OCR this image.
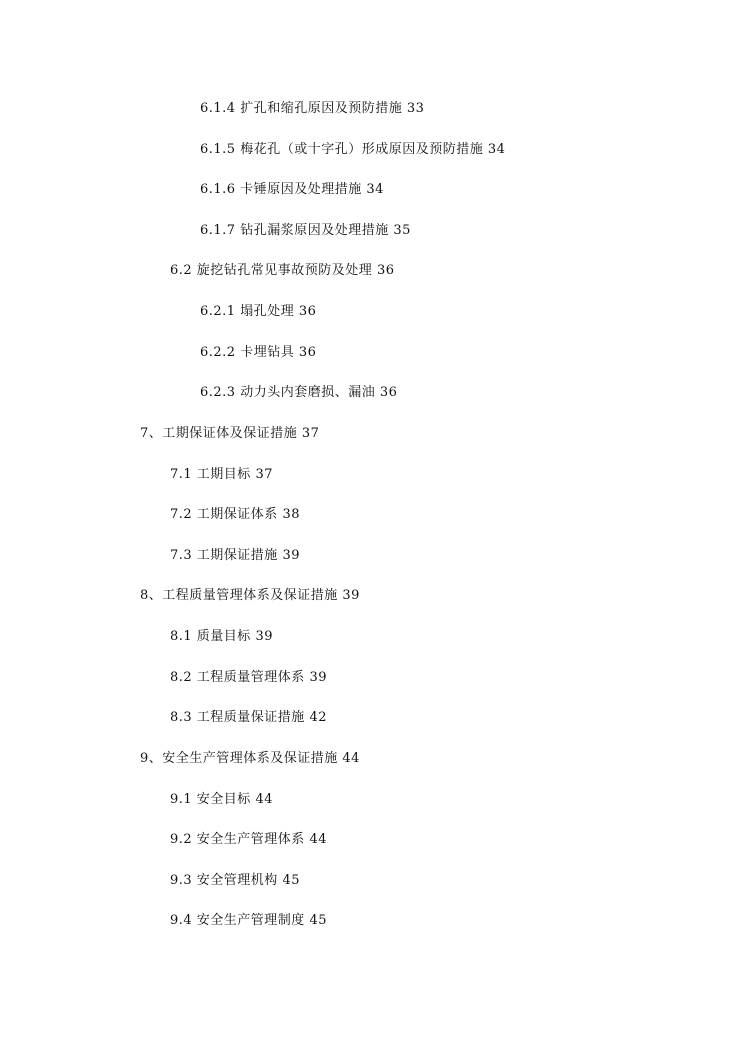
6.1.4 扩孔和缩孔原因及预防措施 33
6.1.5 梅花孔（或十字孔）形成原因及预防措施 34
6.1.6 卡锤原因及处理措施 34
6.1.7 钻孔漏浆原因及处理措施 35
6.2 旋挖钻孔常见事故预防及处理 36
6.2.1 塌孔处理 36
6.2.2 卡埋钻具 36
6.2.3 动力头内套磨损、漏油 36
7、工期保证体及保证措施 37
7.1 工期目标 37
7.2 工期保证体系 38
7.3 工期保证措施 39
8、工程质量管理体系及保证措施 39
8.1 质量目标 39
8.2 工程质量管理体系 39
8.3 工程质量保证措施 42
9、安全生产管理体系及保证措施 44
9.1 安全目标 44
9.2 安全生产管理体系 44
9.3 安全管理机构 45
9.4 安全生产管理制度 45
